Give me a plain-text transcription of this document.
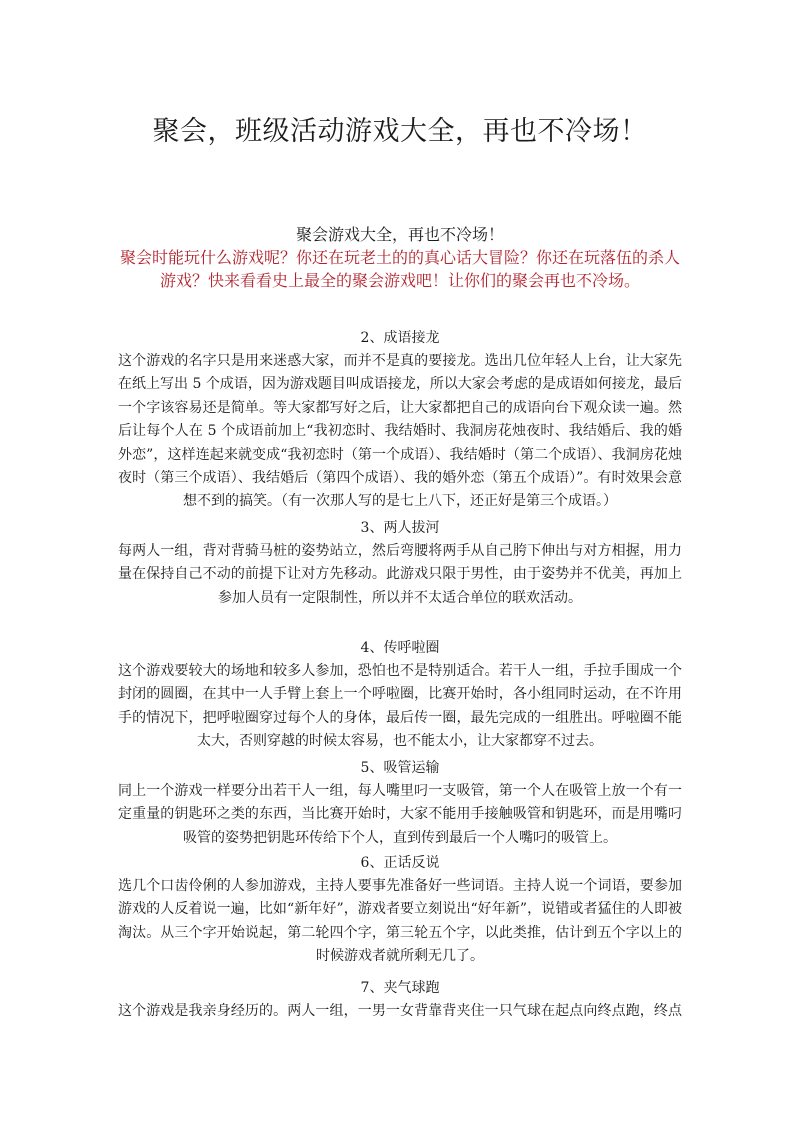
聚会，班级活动游戏大全，再也不冷场！

聚会游戏大全，再也不冷场！

聚会时能玩什么游戏呢？你还在玩老土的的真心话大冒险？你还在玩落伍的杀人游戏？快来看看史上最全的聚会游戏吧！让你们的聚会再也不冷场。

2、成语接龙

这个游戏的名字只是用来迷惑大家，而并不是真的要接龙。选出几位年轻人上台，让大家先在纸上写出 5 个成语，因为游戏题目叫成语接龙，所以大家会考虑的是成语如何接龙，最后一个字该容易还是简单。等大家都写好之后，让大家都把自己的成语向台下观众读一遍。然后让每个人在 5 个成语前加上“我初恋时、我结婚时、我洞房花烛夜时、我结婚后、我的婚外恋”，这样连起来就变成“我初恋时（第一个成语）、我结婚时（第二个成语）、我洞房花烛夜时（第三个成语）、我结婚后（第四个成语）、我的婚外恋（第五个成语）”。有时效果会意想不到的搞笑。（有一次那人写的是七上八下，还正好是第三个成语。）

3、两人拔河

每两人一组，背对背骑马桩的姿势站立，然后弯腰将两手从自己胯下伸出与对方相握，用力量在保持自己不动的前提下让对方先移动。此游戏只限于男性，由于姿势并不优美，再加上参加人员有一定限制性，所以并不太适合单位的联欢活动。

4、传呼啦圈

这个游戏要较大的场地和较多人参加，恐怕也不是特别适合。若干人一组，手拉手围成一个封闭的圆圈，在其中一人手臂上套上一个呼啦圈，比赛开始时，各小组同时运动，在不许用手的情况下，把呼啦圈穿过每个人的身体，最后传一圈，最先完成的一组胜出。呼啦圈不能太大，否则穿越的时候太容易，也不能太小，让大家都穿不过去。

5、吸管运输

同上一个游戏一样要分出若干人一组，每人嘴里叼一支吸管，第一个人在吸管上放一个有一定重量的钥匙环之类的东西，当比赛开始时，大家不能用手接触吸管和钥匙环，而是用嘴叼吸管的姿势把钥匙环传给下个人，直到传到最后一个人嘴叼的吸管上。

6、正话反说

选几个口齿伶俐的人参加游戏，主持人要事先准备好一些词语。主持人说一个词语，要参加游戏的人反着说一遍，比如“新年好”，游戏者要立刻说出“好年新”，说错或者猛住的人即被淘汰。从三个字开始说起，第二轮四个字，第三轮五个字，以此类推，估计到五个字以上的时候游戏者就所剩无几了。

7、夹气球跑

这个游戏是我亲身经历的。两人一组，一男一女背靠背夹住一只气球在起点向终点跑，终点
